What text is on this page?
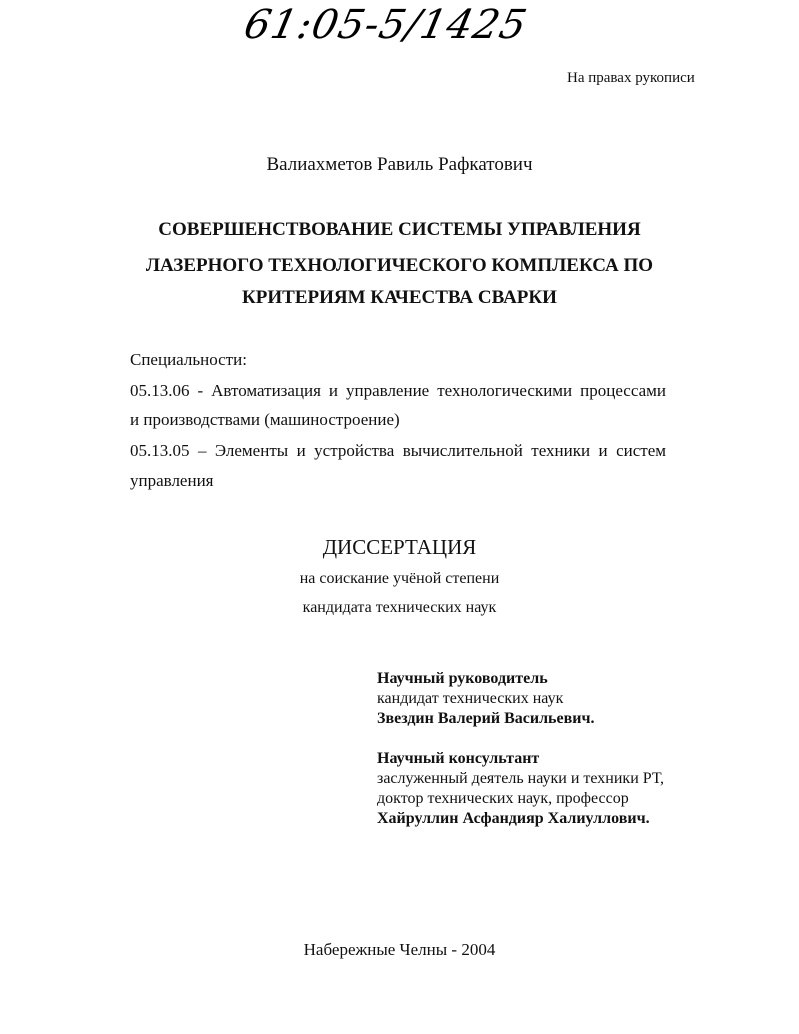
61:05-5/1425
На правах рукописи
Валиахметов Равиль Рафкатович
СОВЕРШЕНСТВОВАНИЕ СИСТЕМЫ УПРАВЛЕНИЯ
ЛАЗЕРНОГО ТЕХНОЛОГИЧЕСКОГО КОМПЛЕКСА ПО
КРИТЕРИЯМ КАЧЕСТВА СВАРКИ
Специальности:
05.13.06 - Автоматизация и управление технологическими процессами
и производствами (машиностроение)
05.13.05 – Элементы и устройства вычислительной техники и систем
управления
ДИССЕРТАЦИЯ
на соискание учёной степени
кандидата технических наук
Научный руководитель
кандидат технических наук
Звездин Валерий Васильевич.
Научный консультант
заслуженный деятель науки и техники РТ,
доктор технических наук, профессор
Хайруллин Асфандияр Халиуллович.
Набережные Челны - 2004
